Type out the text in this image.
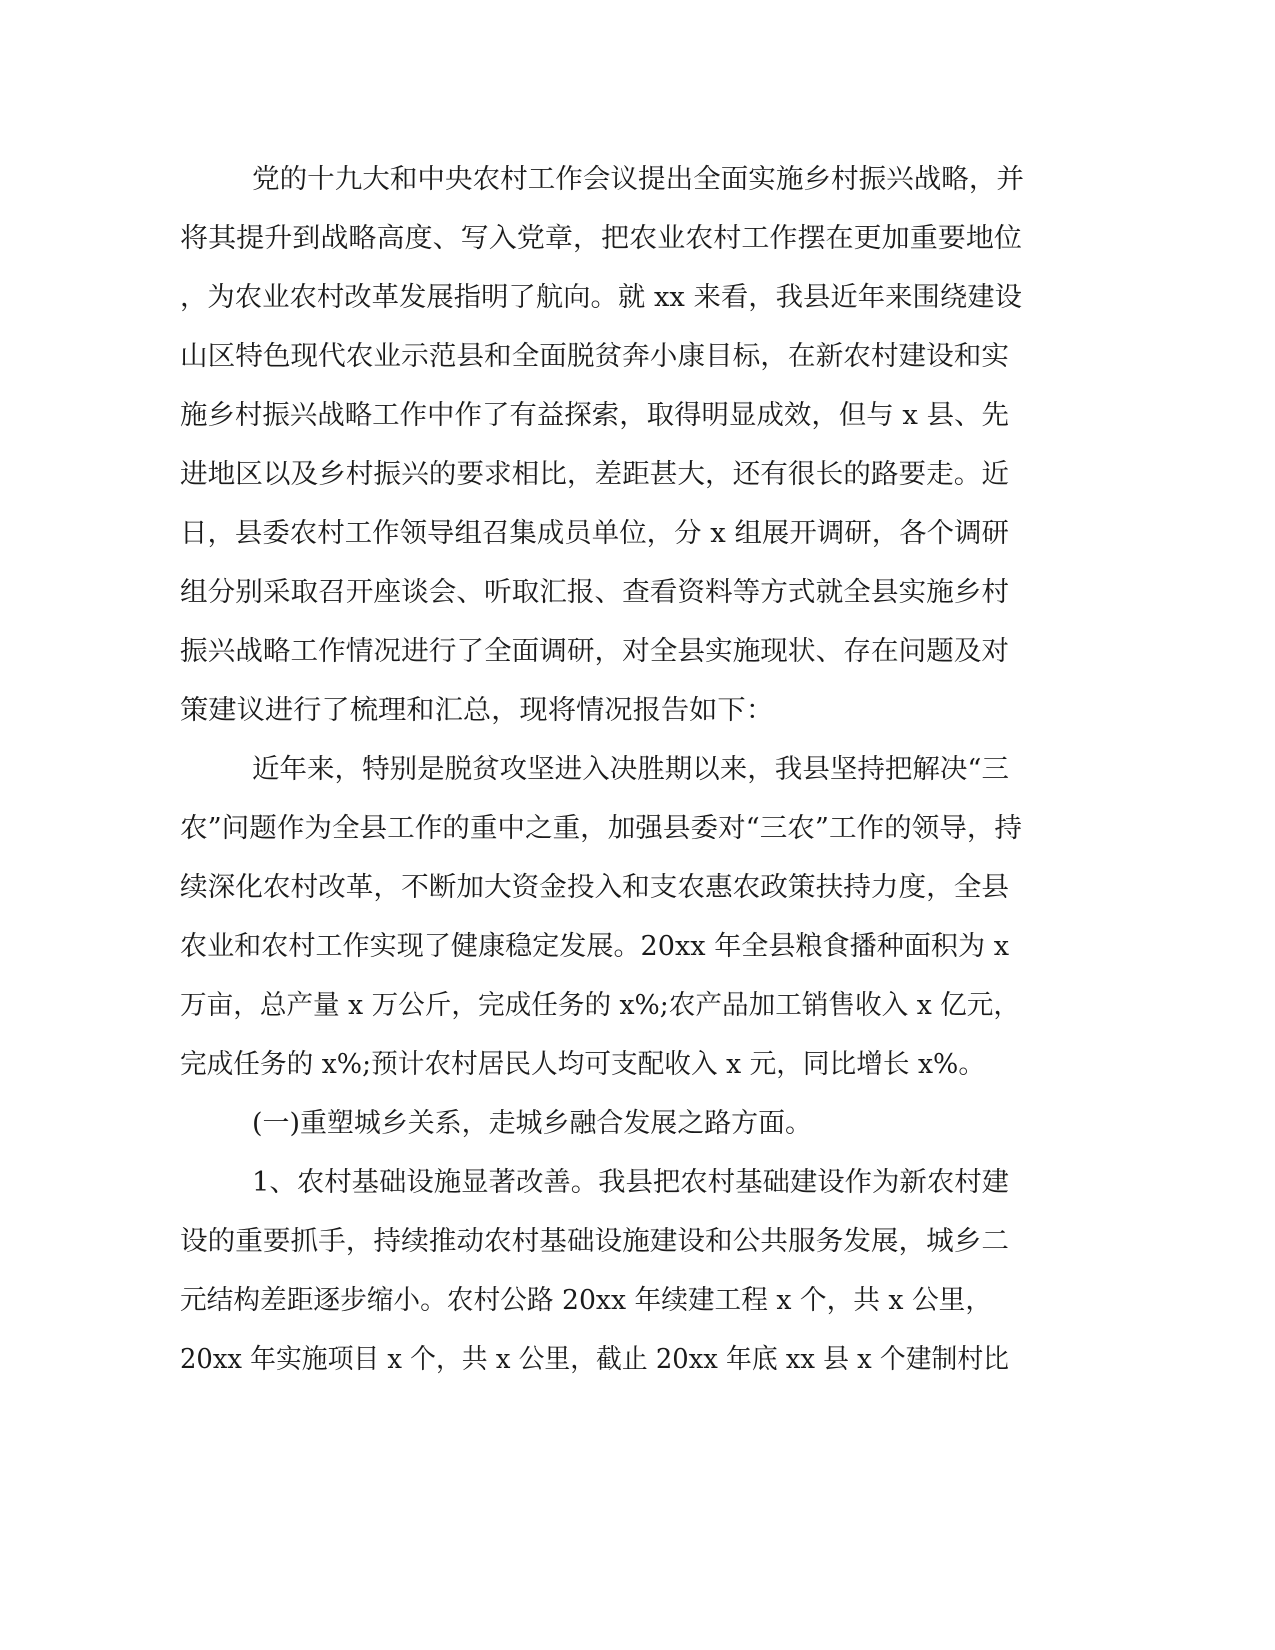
党的十九大和中央农村工作会议提出全面实施乡村振兴战略，并
将其提升到战略高度、写入党章，把农业农村工作摆在更加重要地位
，为农业农村改革发展指明了航向。就 xx 来看，我县近年来围绕建设
山区特色现代农业示范县和全面脱贫奔小康目标，在新农村建设和实
施乡村振兴战略工作中作了有益探索，取得明显成效，但与 x 县、先
进地区以及乡村振兴的要求相比，差距甚大，还有很长的路要走。近
日，县委农村工作领导组召集成员单位，分 x 组展开调研，各个调研
组分别采取召开座谈会、听取汇报、查看资料等方式就全县实施乡村
振兴战略工作情况进行了全面调研，对全县实施现状、存在问题及对
策建议进行了梳理和汇总，现将情况报告如下：
近年来，特别是脱贫攻坚进入决胜期以来，我县坚持把解决“三
农”问题作为全县工作的重中之重，加强县委对“三农”工作的领导，持
续深化农村改革，不断加大资金投入和支农惠农政策扶持力度，全县
农业和农村工作实现了健康稳定发展。20xx 年全县粮食播种面积为 x
万亩，总产量 x 万公斤，完成任务的 x%;农产品加工销售收入 x 亿元，
完成任务的 x%;预计农村居民人均可支配收入 x 元，同比增长 x%。
(一)重塑城乡关系，走城乡融合发展之路方面。
1、农村基础设施显著改善。我县把农村基础建设作为新农村建
设的重要抓手，持续推动农村基础设施建设和公共服务发展，城乡二
元结构差距逐步缩小。农村公路 20xx 年续建工程 x 个，共 x 公里，
20xx 年实施项目 x 个，共 x 公里，截止 20xx 年底 xx 县 x 个建制村比
